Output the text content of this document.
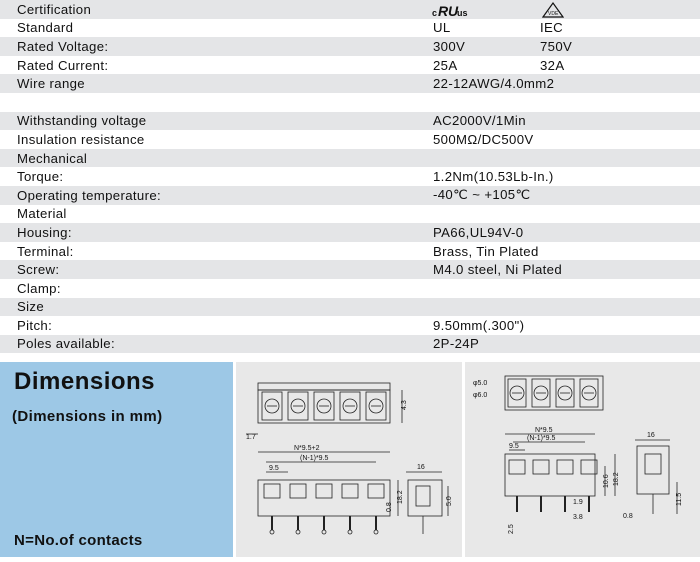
Certification
Standard	UL	IEC
Rated Voltage:	300V	750V
Rated Current:	25A	32A
Wire range	22-12AWG/4.0mm2
Withstanding voltage	AC2000V/1Min
Insulation resistance	500MΩ/DC500V
Mechanical
Torque:	1.2Nm(10.53Lb-In.)
Operating temperature:	-40℃ ~ +105℃
Material
Housing:	PA66,UL94V-0
Terminal:	Brass, Tin Plated
Screw:	M4.0 steel, Ni Plated
Clamp:
Size
Pitch:	9.50mm(.300")
Poles available:	2P-24P
c R U
us	VDE
Dimensions
(Dimensions in mm)
N=No.of contacts
1.7
4.3
N*9.5+2
(N-1)*9.5
9.5
18.2
0.8
16
5.0
φ5.0
φ6.0
N*9.5
(N-1)*9.5
9.5
10.6 18.2
1.9
3.8
2.5
16
11.5
0.8
